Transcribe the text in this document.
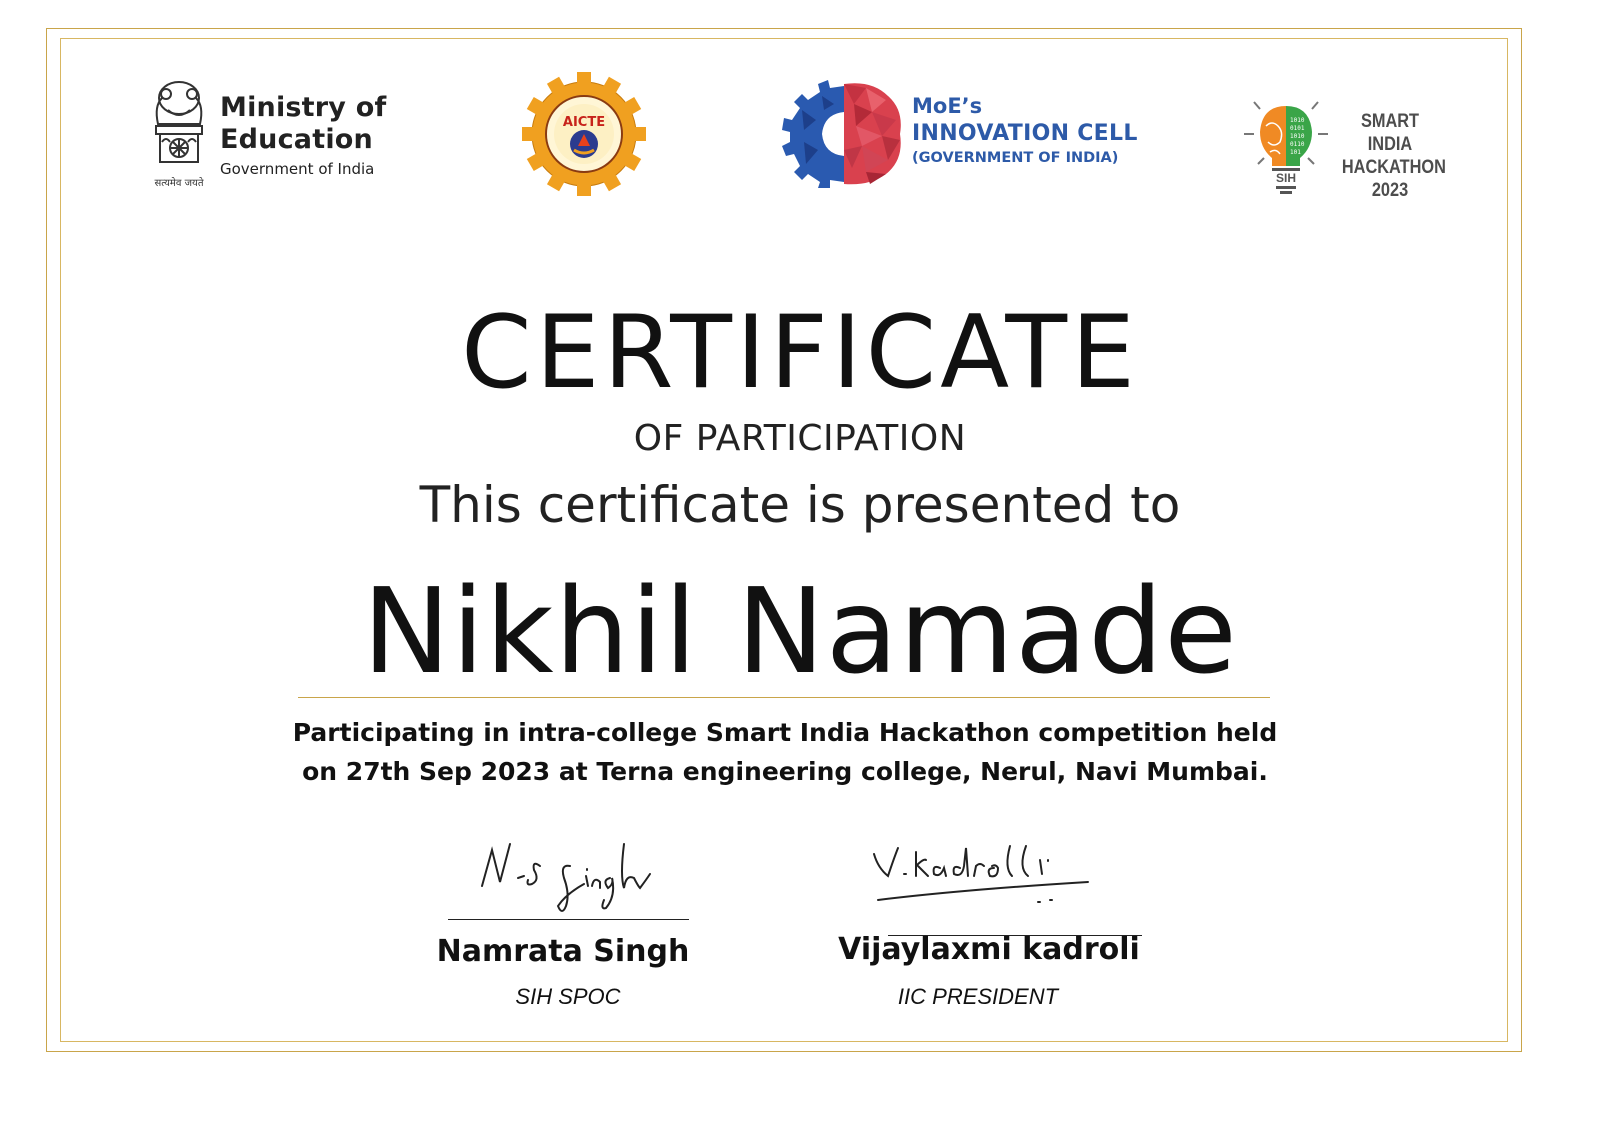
सत्यमेव जयते
Ministry of
Education
Government of India
AICTE
MoE’s
INNOVATION CELL
(GOVERNMENT OF INDIA)
1010
0101
1010
0110
101
SIH
SMART INDIA
HACKATHON
2023
CERTIFICATE
OF PARTICIPATION
This certificate is presented to
Nikhil Namade
Participating in intra-college Smart India Hackathon competition held
on 27th Sep 2023 at Terna engineering college, Nerul, Navi Mumbai.
Namrata Singh
SIH SPOC
Vijaylaxmi kadroli
IIC PRESIDENT
